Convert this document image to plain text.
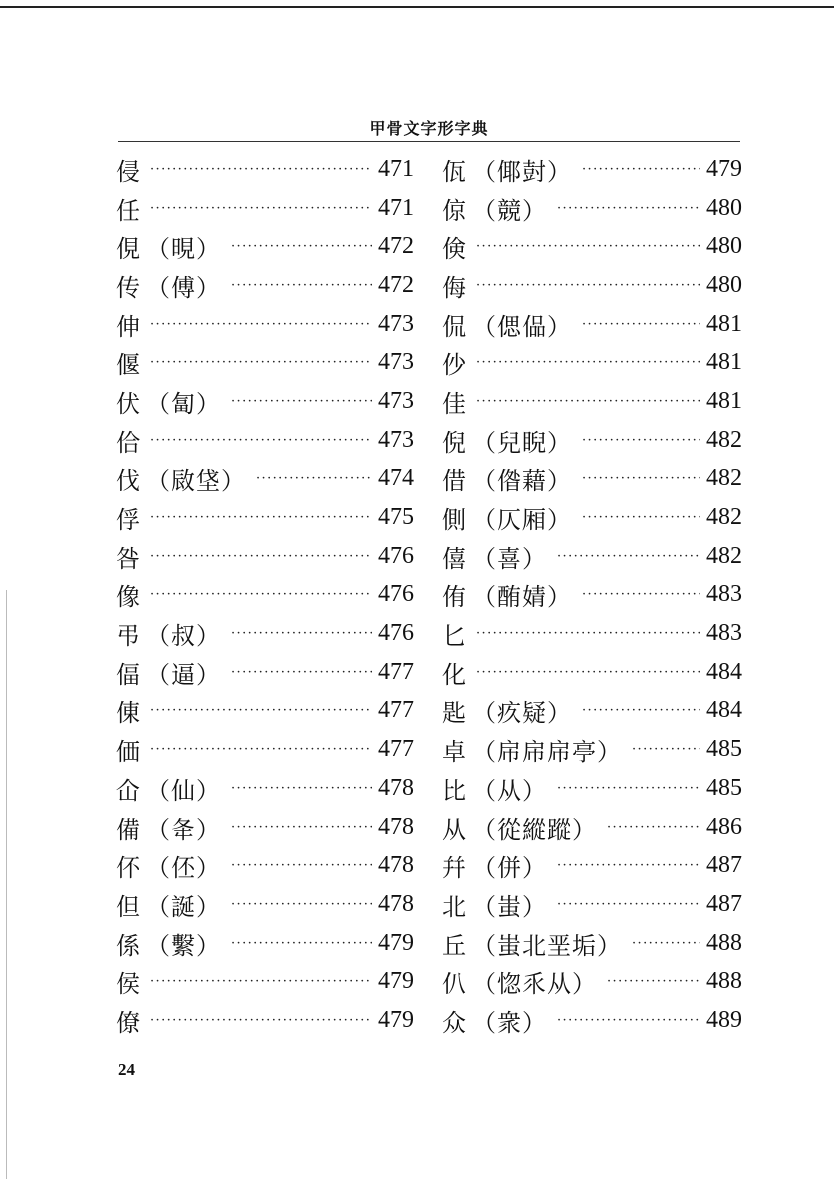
甲骨文字形字典
侵 ·····	471
任 ·····	471
俔 （晛） ·····	472
传 （傅） ·····	472
伸 ·····	473
偃 ·····	473
伏 （匐） ·····	473
佮 ·····	473
伐 （敐垡） ·····	474
俘 ·····	475
咎 ·····	476
像 ·····	476
弔 （叔） ·····	476
偪 （逼） ·····	477
倲 ·····	477
価 ·····	477
仚 （仙） ·····	478
備 （夅） ·····	478
伓 （伾） ·····	478
但 （誕） ·····	478
係 （繫） ·····	479
侯 ·····	479
僚 ·····	479
佤 （倻尌） ·····	479
倞 （競） ·····	480
倹 ·····	480
侮 ·····	480
侃 （偲偘） ·····	481
仯 ·····	481
佳 ·····	481
倪 （兒睨） ·····	482
借 （偺藉） ·····	482
側 （仄厢） ·····	482
僖 （喜） ·····	482
侑 （酭婧） ·····	483
匕 ·····	483
化 ·····	484
匙 （疚疑） ·····	484
卓 （帍帍帍亭） ·····	485
比 （从） ·····	485
从 （從縱蹤） ·····	486
幷 （併） ·····	487
北 （蚩） ·····	487
丘 （蚩北垩垢） ·····	488
仈 （惚乑从） ·····	488
众 （衆） ·····	489
24
